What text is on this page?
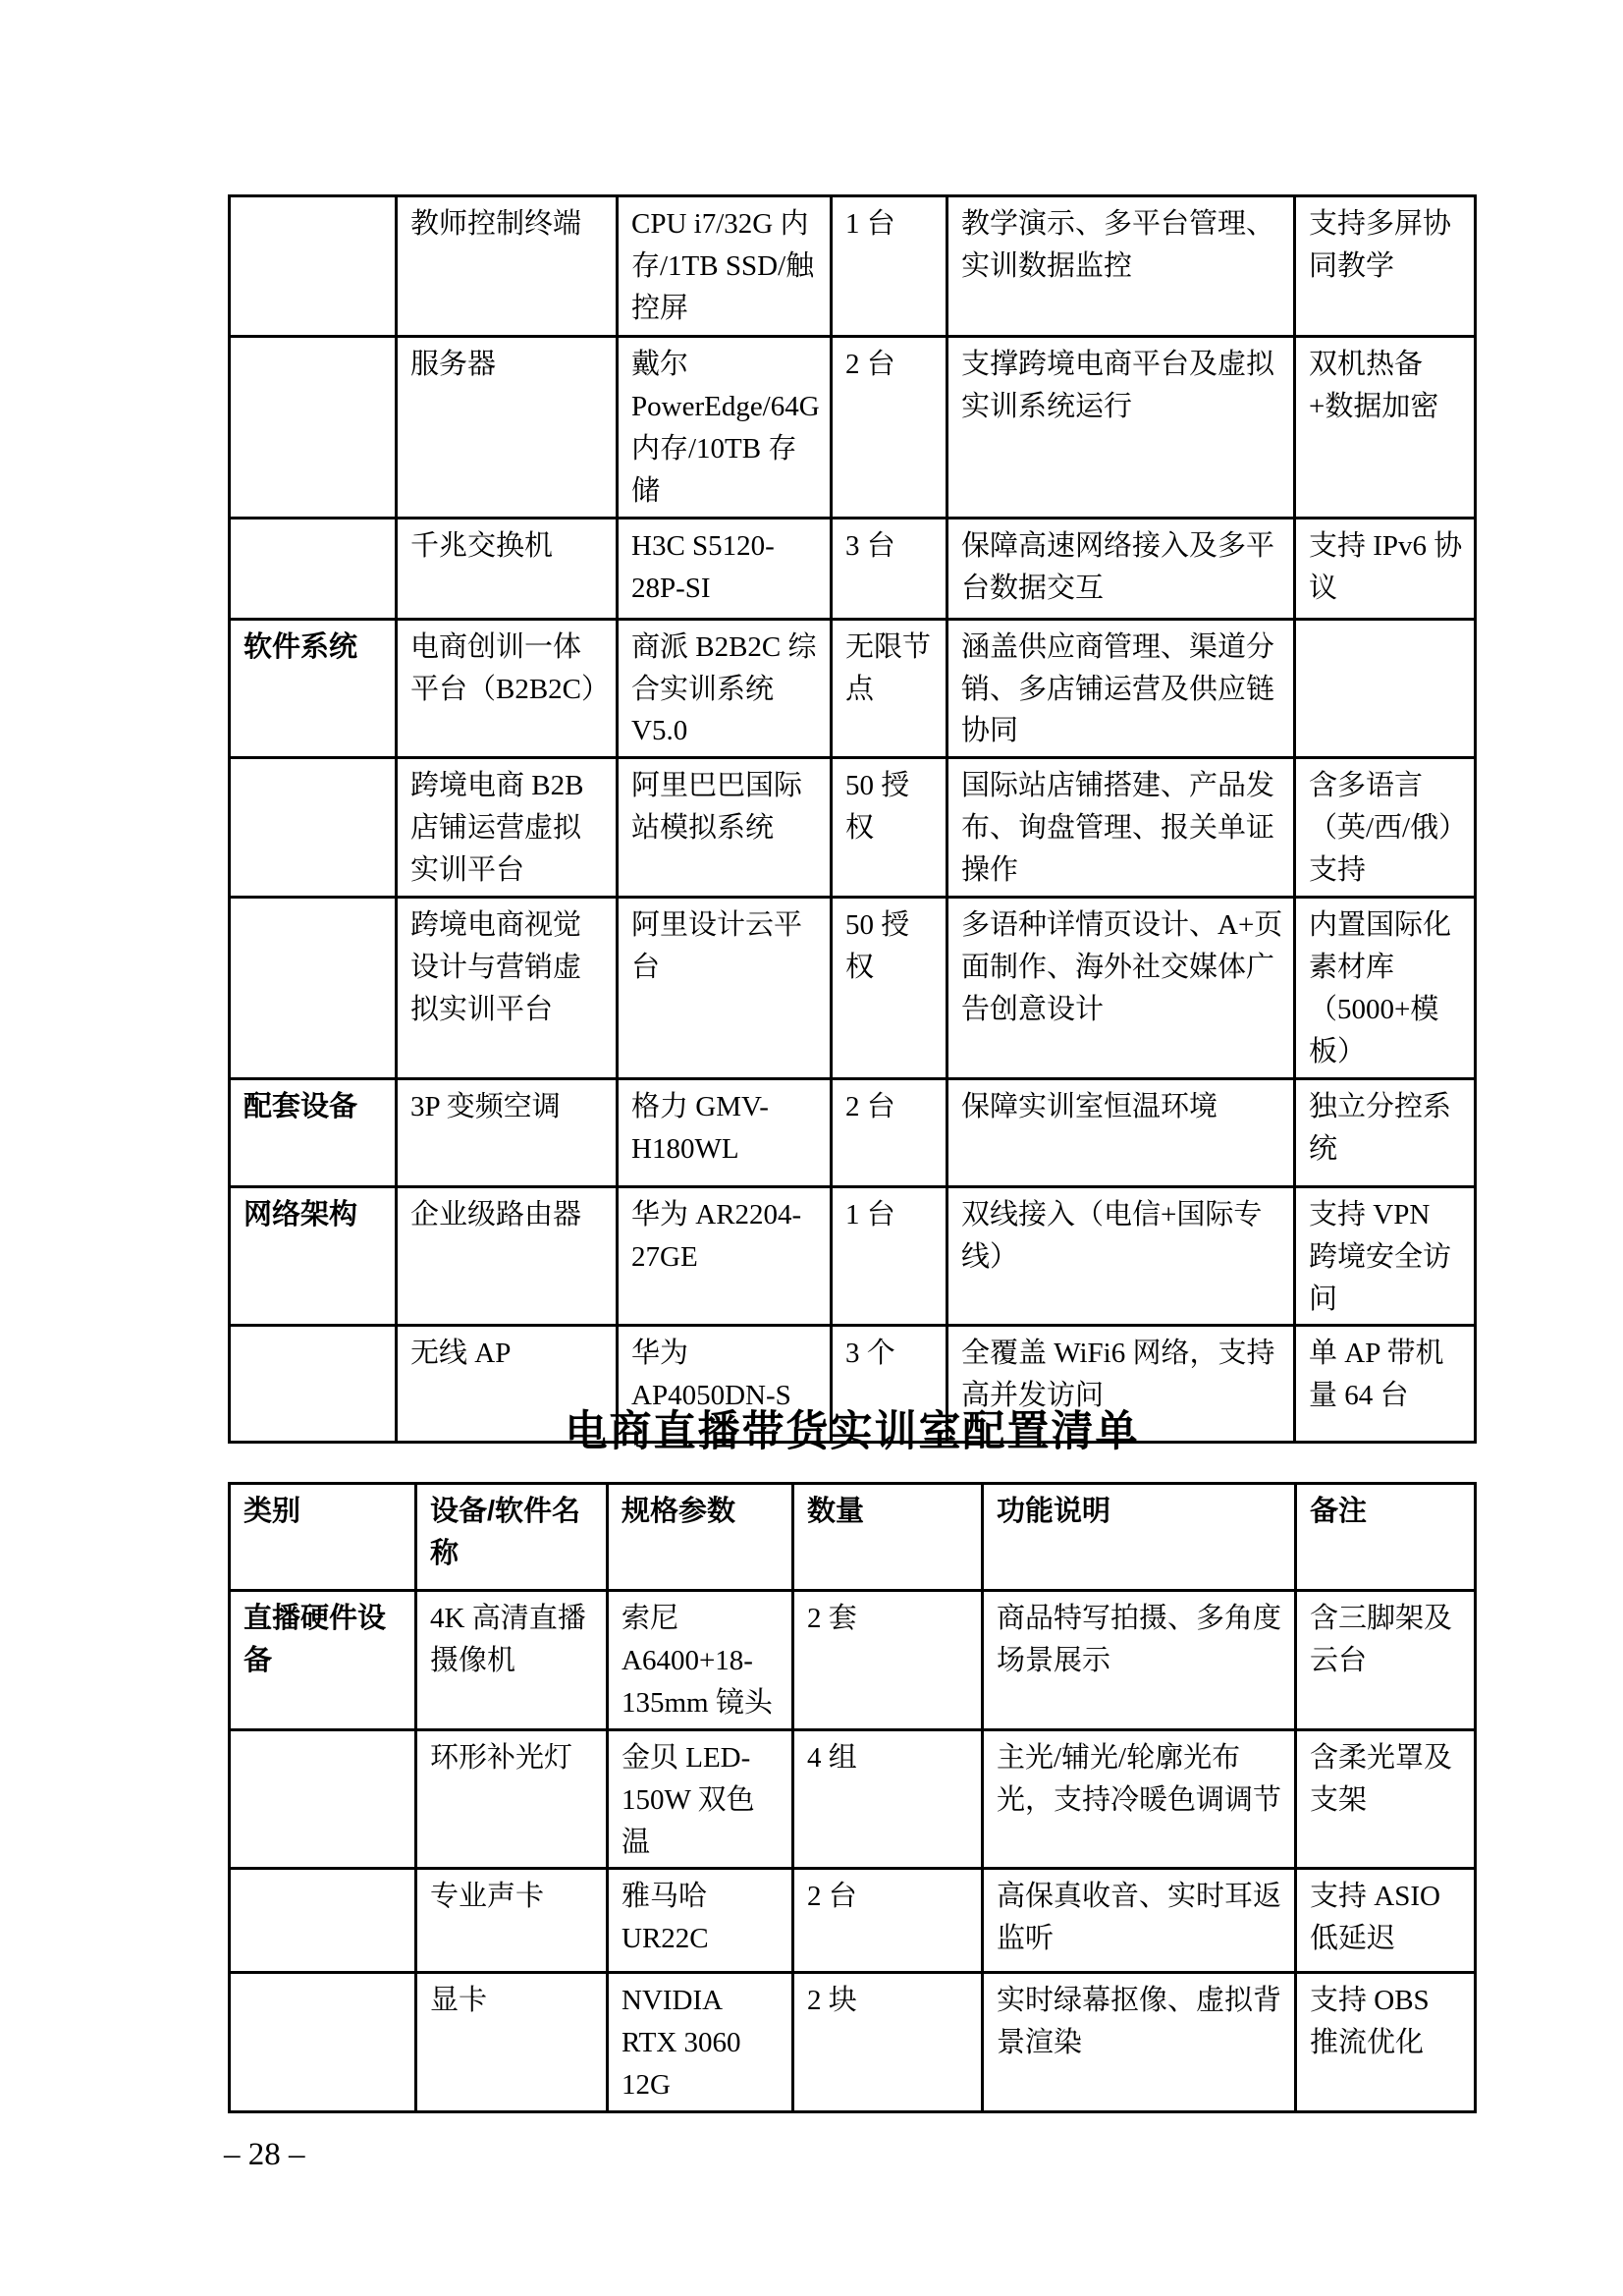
	教师控制终端	CPU i7/32G 内存/1TB SSD/触控屏	1 台	教学演示、多平台管理、实训数据监控	支持多屏协同教学
	服务器	戴尔 PowerEdge/64G 内存/10TB 存储	2 台	支撑跨境电商平台及虚拟实训系统运行	双机热备+数据加密
	千兆交换机	H3C S5120-28P-SI	3 台	保障高速网络接入及多平台数据交互	支持 IPv6 协议
软件系统	电商创训一体平台（B2B2C）	商派 B2B2C 综合实训系统 V5.0	无限节点	涵盖供应商管理、渠道分销、多店铺运营及供应链协同	
	跨境电商 B2B 店铺运营虚拟实训平台	阿里巴巴国际站模拟系统	50 授权	国际站店铺搭建、产品发布、询盘管理、报关单证操作	含多语言（英/西/俄）支持
	跨境电商视觉设计与营销虚拟实训平台	阿里设计云平台	50 授权	多语种详情页设计、A+页面制作、海外社交媒体广告创意设计	内置国际化素材库（5000+模板）
配套设备	3P 变频空调	格力 GMV-H180WL	2 台	保障实训室恒温环境	独立分控系统
网络架构	企业级路由器	华为 AR2204-27GE	1 台	双线接入（电信+国际专线）	支持 VPN 跨境安全访问
	无线 AP	华为 AP4050DN-S	3 个	全覆盖 WiFi6 网络，支持高并发访问	单 AP 带机量 64 台
电商直播带货实训室配置清单
类别	设备/软件名称	规格参数	数量	功能说明	备注
直播硬件设备	4K 高清直播摄像机	索尼 A6400+18-135mm 镜头	2 套	商品特写拍摄、多角度场景展示	含三脚架及云台
	环形补光灯	金贝 LED-150W 双色温	4 组	主光/辅光/轮廓光布光，支持冷暖色调调节	含柔光罩及支架
	专业声卡	雅马哈 UR22C	2 台	高保真收音、实时耳返监听	支持 ASIO 低延迟
	显卡	NVIDIA RTX 3060 12G	2 块	实时绿幕抠像、虚拟背景渲染	支持 OBS 推流优化
– 28 –
